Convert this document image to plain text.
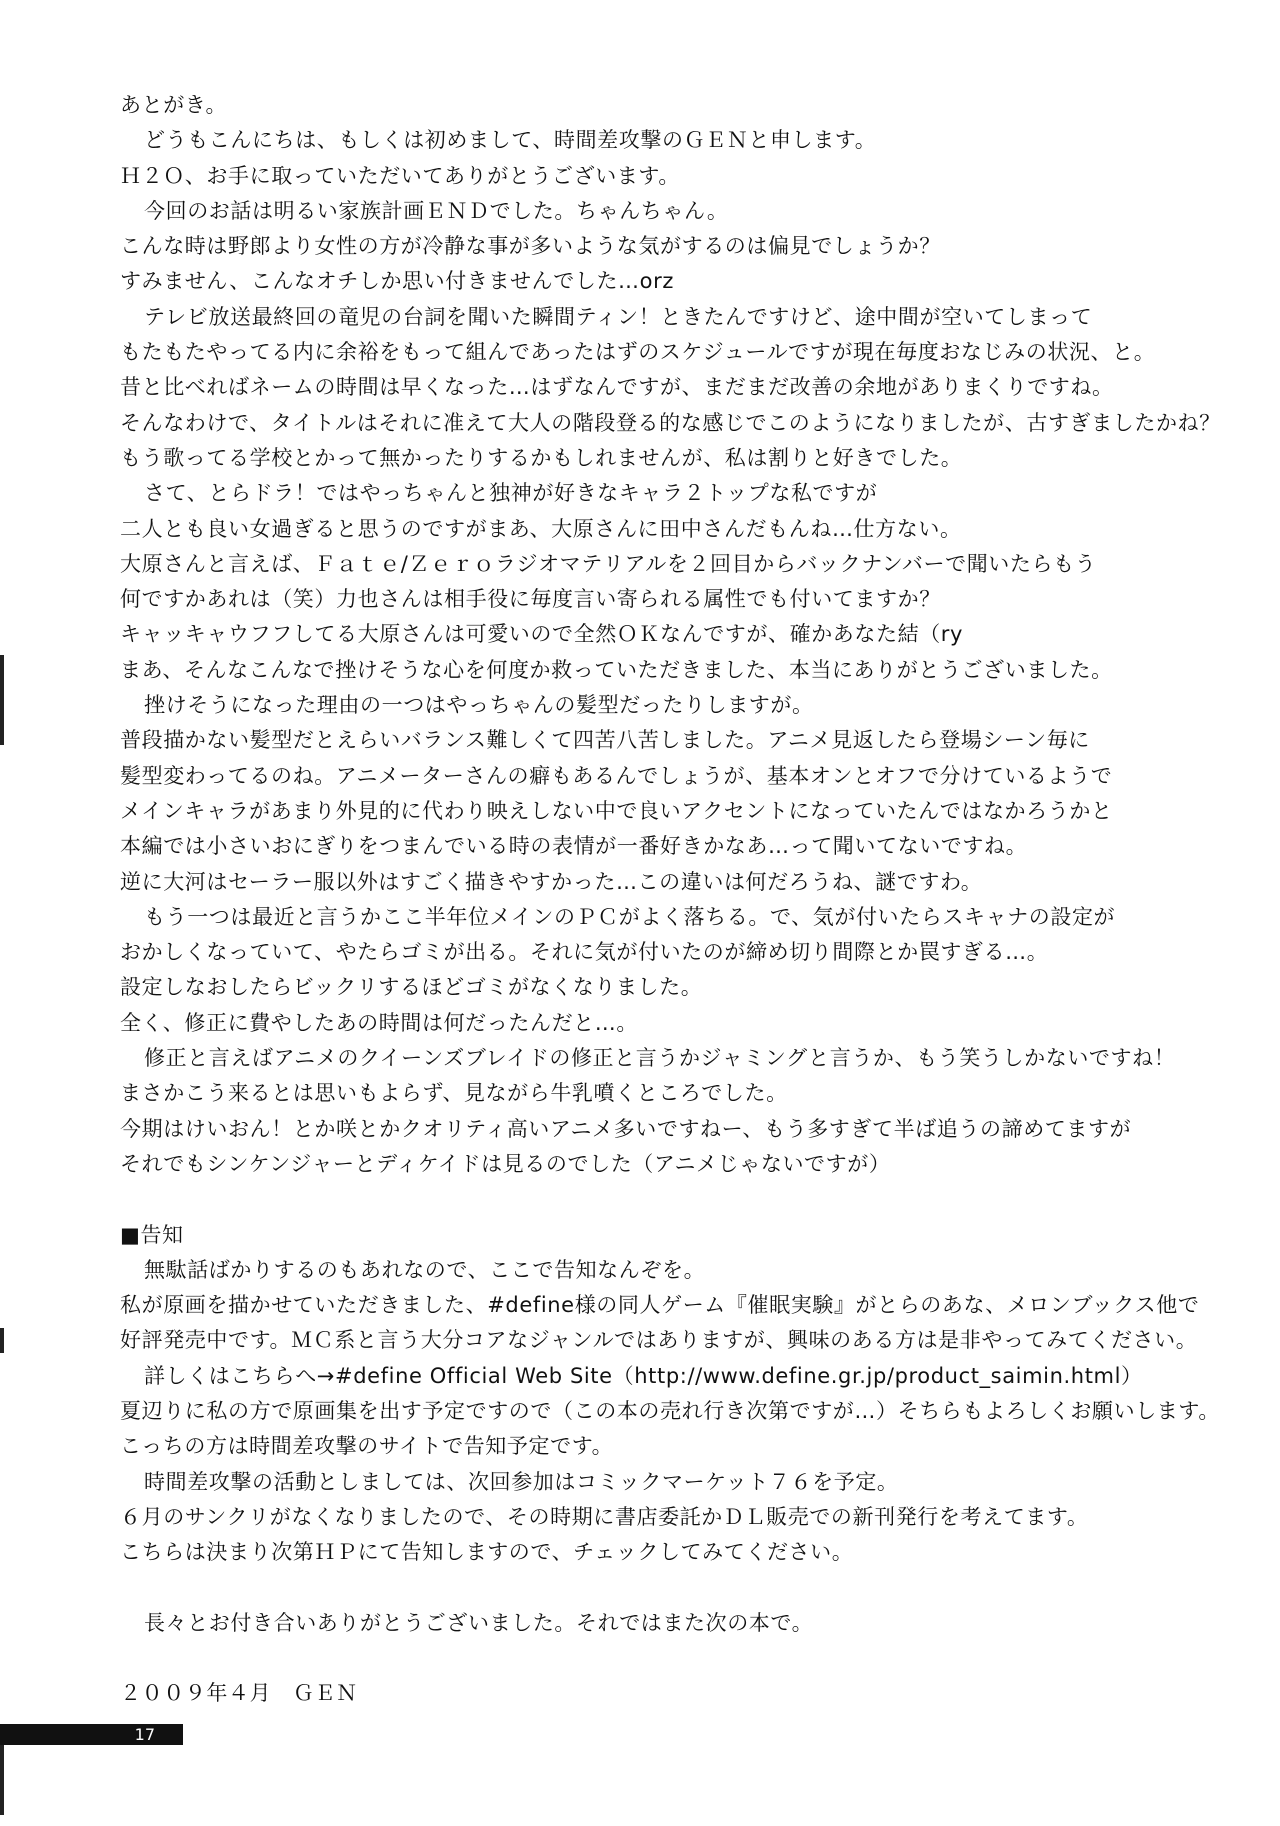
あとがき。
どうもこんにちは、もしくは初めまして、時間差攻撃のＧＥＮと申します。
Ｈ２Ｏ、お手に取っていただいてありがとうございます。
今回のお話は明るい家族計画ＥＮＤでした。ちゃんちゃん。
こんな時は野郎より女性の方が冷静な事が多いような気がするのは偏見でしょうか？
すみません、こんなオチしか思い付きませんでした…orz
テレビ放送最終回の竜児の台詞を聞いた瞬間ティン！ときたんですけど、途中間が空いてしまって
もたもたやってる内に余裕をもって組んであったはずのスケジュールですが現在毎度おなじみの状況、と。
昔と比べればネームの時間は早くなった…はずなんですが、まだまだ改善の余地がありまくりですね。
そんなわけで、タイトルはそれに准えて大人の階段登る的な感じでこのようになりましたが、古すぎましたかね？
もう歌ってる学校とかって無かったりするかもしれませんが、私は割りと好きでした。
さて、とらドラ！ではやっちゃんと独神が好きなキャラ２トップな私ですが
二人とも良い女過ぎると思うのですがまあ、大原さんに田中さんだもんね…仕方ない。
大原さんと言えば、Ｆａｔｅ/Ｚｅｒｏラジオマテリアルを２回目からバックナンバーで聞いたらもう
何ですかあれは（笑）力也さんは相手役に毎度言い寄られる属性でも付いてますか？
キャッキャウフフしてる大原さんは可愛いので全然ＯＫなんですが、確かあなた結（ry
まあ、そんなこんなで挫けそうな心を何度か救っていただきました、本当にありがとうございました。
挫けそうになった理由の一つはやっちゃんの髪型だったりしますが。
普段描かない髪型だとえらいバランス難しくて四苦八苦しました。アニメ見返したら登場シーン毎に
髪型変わってるのね。アニメーターさんの癖もあるんでしょうが、基本オンとオフで分けているようで
メインキャラがあまり外見的に代わり映えしない中で良いアクセントになっていたんではなかろうかと
本編では小さいおにぎりをつまんでいる時の表情が一番好きかなあ…って聞いてないですね。
逆に大河はセーラー服以外はすごく描きやすかった…この違いは何だろうね、謎ですわ。
もう一つは最近と言うかここ半年位メインのＰＣがよく落ちる。で、気が付いたらスキャナの設定が
おかしくなっていて、やたらゴミが出る。それに気が付いたのが締め切り間際とか罠すぎる…。
設定しなおしたらビックリするほどゴミがなくなりました。
全く、修正に費やしたあの時間は何だったんだと…。
修正と言えばアニメのクイーンズブレイドの修正と言うかジャミングと言うか、もう笑うしかないですね！
まさかこう来るとは思いもよらず、見ながら牛乳噴くところでした。
今期はけいおん！とか咲とかクオリティ高いアニメ多いですねー、もう多すぎて半ば追うの諦めてますが
それでもシンケンジャーとディケイドは見るのでした（アニメじゃないですが）
■告知
無駄話ばかりするのもあれなので、ここで告知なんぞを。
私が原画を描かせていただきました、#define様の同人ゲーム『催眠実験』がとらのあな、メロンブックス他で
好評発売中です。ＭＣ系と言う大分コアなジャンルではありますが、興味のある方は是非やってみてください。
詳しくはこちらへ→#define Official Web Site（http://www.define.gr.jp/product_saimin.html）
夏辺りに私の方で原画集を出す予定ですので（この本の売れ行き次第ですが…）そちらもよろしくお願いします。
こっちの方は時間差攻撃のサイトで告知予定です。
時間差攻撃の活動としましては、次回参加はコミックマーケット７６を予定。
６月のサンクリがなくなりましたので、その時期に書店委託かＤＬ販売での新刊発行を考えてます。
こちらは決まり次第ＨＰにて告知しますので、チェックしてみてください。
長々とお付き合いありがとうございました。それではまた次の本で。
２００９年４月　ＧＥＮ
17
